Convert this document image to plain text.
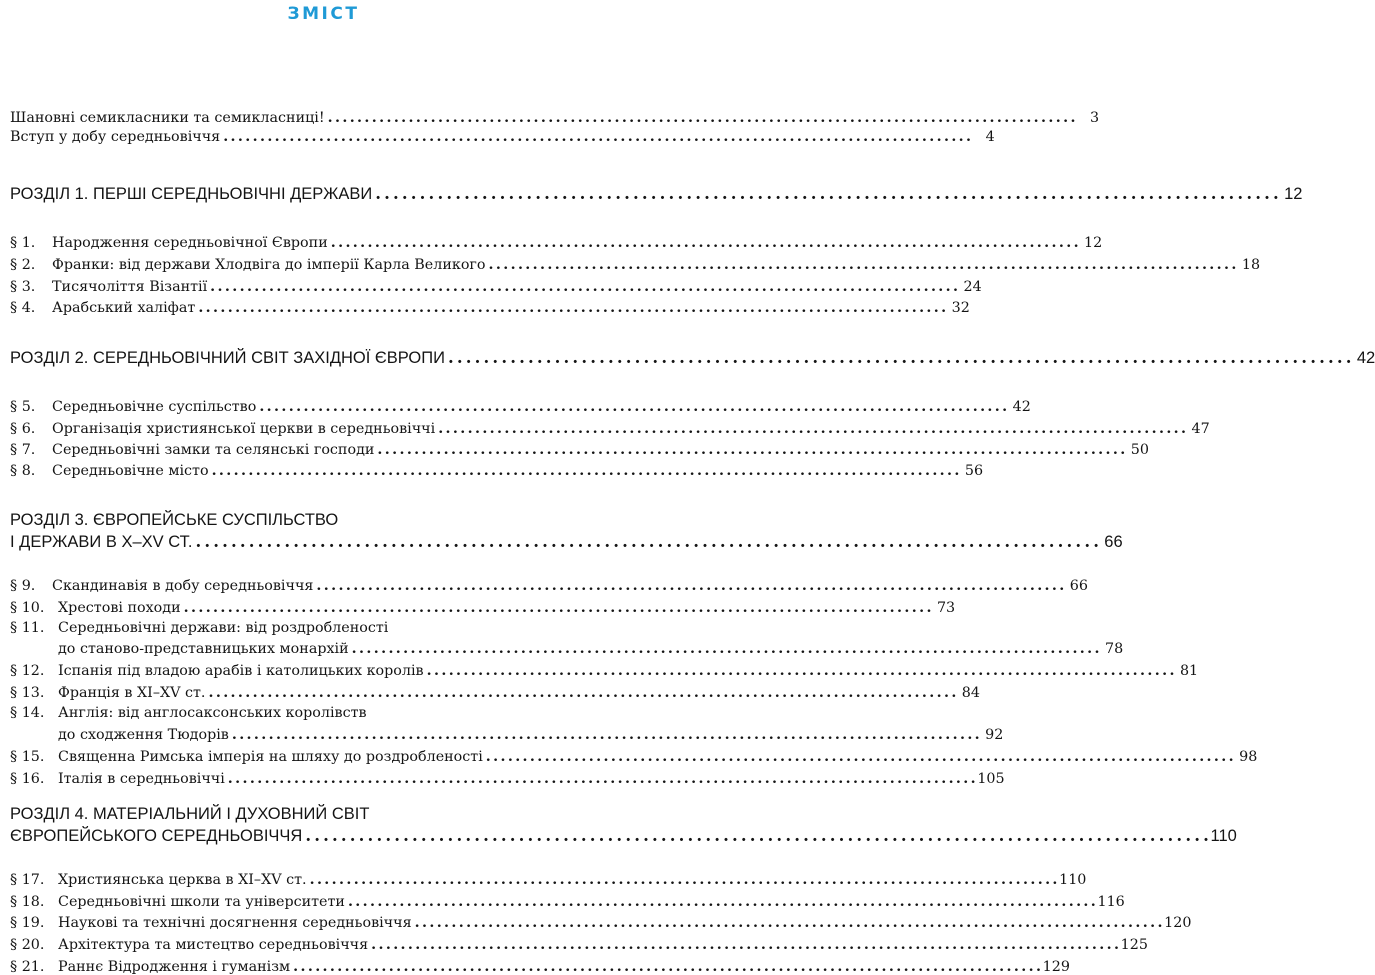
ЗМІСТ
Шановні семикласники та семикласниці! . . .	3
Вступ у добу середньовіччя . . .	4
РОЗДІЛ 1. ПЕРШІ СЕРЕДНЬОВІЧНІ ДЕРЖАВИ . . .	12
§ 1.	Народження середньовічної Європи . . .	12
§ 2.	Франки: від держави Хлодвіга до імперії Карла Великого . . .	18
§ 3.	Тисячоліття Візантії . . .	24
§ 4.	Арабський халіфат . . .	32
РОЗДІЛ 2. СЕРЕДНЬОВІЧНИЙ СВІТ ЗАХІДНОЇ ЄВРОПИ . . .	42
§ 5.	Середньовічне суспільство . . .	42
§ 6.	Організація християнської церкви в середньовіччі . . .	47
§ 7.	Середньовічні замки та селянські господи . . .	50
§ 8.	Середньовічне місто . . .	56
РОЗДІЛ 3. ЄВРОПЕЙСЬКЕ СУСПІЛЬСТВО
І ДЕРЖАВИ В X–XV СТ. . . .	66
§ 9.	Скандинавія в добу середньовіччя . . .	66
§ 10. Хрестові походи . . .	73
§ 11. Середньовічні держави: від роздробленості
до станово-представницьких монархій . . .	78
§ 12. Іспанія під владою арабів і католицьких королів . . .	81
§ 13. Франція в XI–XV ст. . . .	84
§ 14. Англія: від англосаксонських королівств
до сходження Тюдорів . . .	92
§ 15. Священна Римська імперія на шляху до роздробленості . . .	98
§ 16. Італія в середньовіччі . . .	105
РОЗДІЛ 4. МАТЕРІАЛЬНИЙ І ДУХОВНИЙ СВІТ
ЄВРОПЕЙСЬКОГО СЕРЕДНЬОВІЧЧЯ . . .	110
§ 17. Християнська церква в XI–XV ст. . . .	110
§ 18. Середньовічні школи та університети . . .	116
§ 19. Наукові та технічні досягнення середньовіччя . . .	120
§ 20. Архітектура та мистецтво середньовіччя . . .	125
§ 21. Раннє Відродження і гуманізм . . .	129
